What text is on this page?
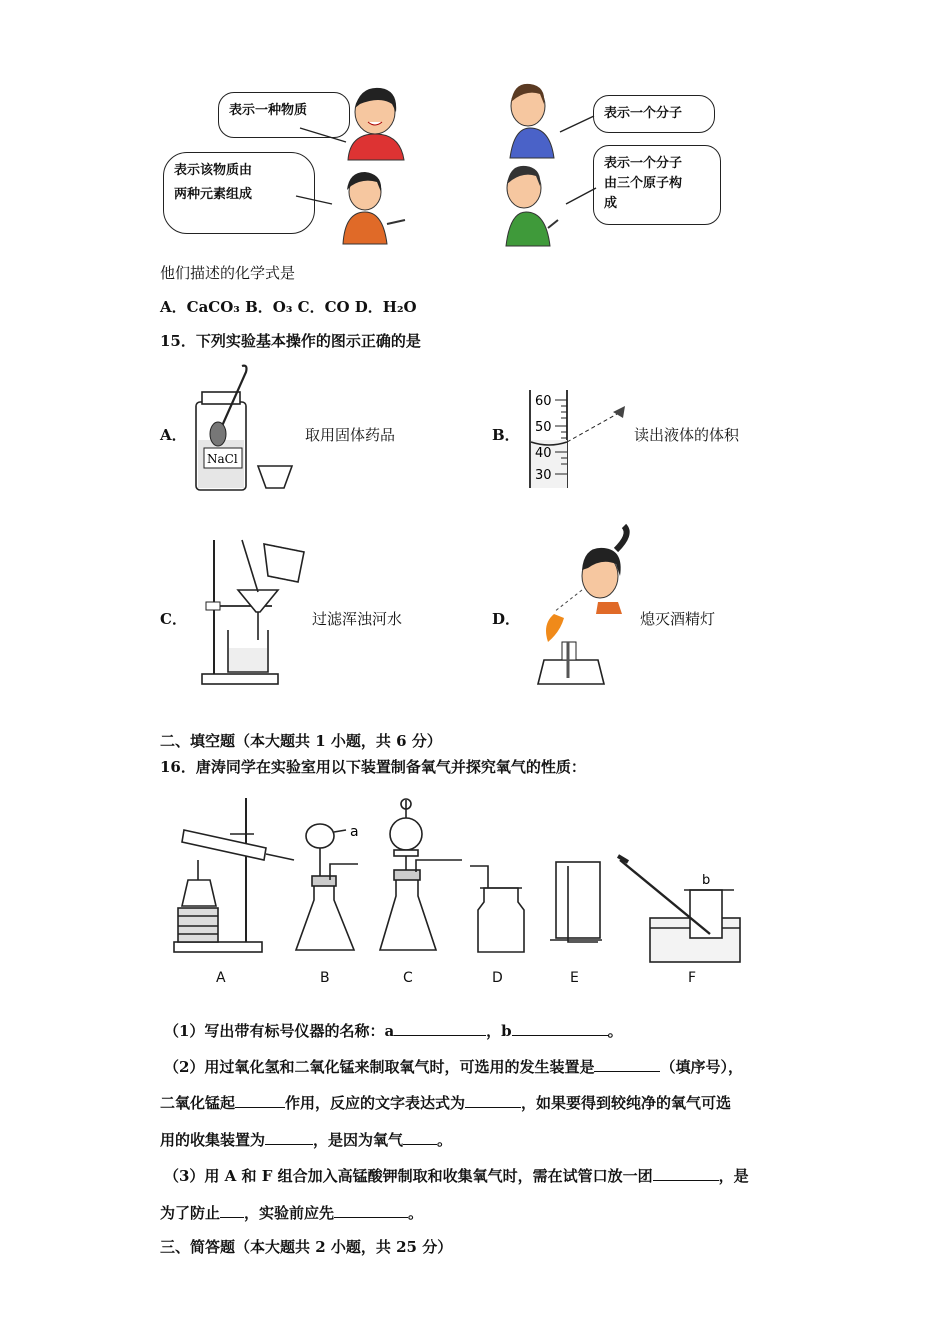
表示一种物质	表示一个分子
表示该物质由
两种元素组成
表示一个分子
由三个原子构
成
他们描述的化学式是
A．CaCO₃ B．O₃ C．CO D．H₂O
15．下列实验基本操作的图示正确的是
A．
NaCl
取用固体药品	B．
60
50
40
30
读出液体的体积
C．	过滤浑浊河水	D．	熄灭酒精灯
二、填空题（本大题共 1 小题，共 6 分）
16．唐涛同学在实验室用以下装置制备氧气并探究氧气的性质：
a
b
A	B	C	D	E	F
（1）写出带有标号仪器的名称：a	，b	。
（2）用过氧化氢和二氧化锰来制取氧气时，可选用的发生装置是	（填序号），
二氧化锰起	作用，反应的文字表达式为	，如果要得到较纯净的氧气可选
用的收集装置为	，是因为氧气 。
（3）用 A 和 F 组合加入高锰酸钾制取和收集氧气时，需在试管口放一团	，是
为了防止 ，实验前应先	。
三、简答题（本大题共 2 小题，共 25 分）
